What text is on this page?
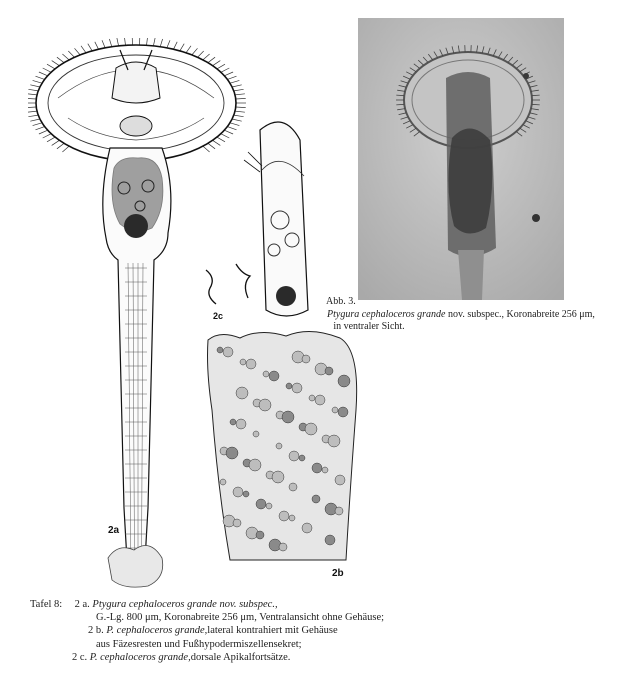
2a
2b
2c
Abb. 3.
Ptygura cephaloceros grande nov. subspec., Koronabreite 256 μm,
in ventraler Sicht.
Tafel 8: 2 a. Ptygura cephaloceros grande nov. subspec.,
G.-Lg. 800 μm, Koronabreite 256 μm, Ventralansicht ohne Gehäuse;
2 b. P. cephaloceros grande,lateral kontrahiert mit Gehäuse
aus Fäzesresten und Fußhypodermiszellensekret;
2 c. P. cephaloceros grande,dorsale Apikalfortsätze.
